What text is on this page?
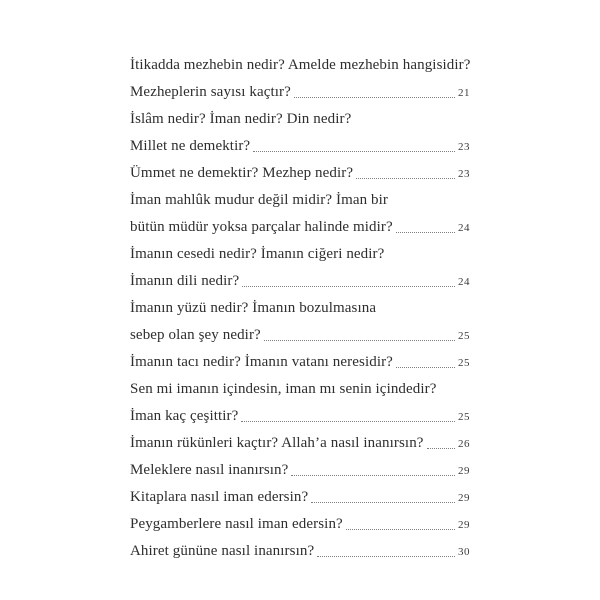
İtikadda mezhebin nedir? Amelde mezhebin hangisidir?
Mezheplerin sayısı kaçtır?	21
İslâm nedir? İman nedir? Din nedir?
Millet ne demektir?	23
Ümmet ne demektir? Mezhep nedir?	23
İman mahlûk mudur değil midir? İman bir
bütün müdür yoksa parçalar halinde midir?	24
İmanın cesedi nedir? İmanın ciğeri nedir?
İmanın dili nedir?	24
İmanın yüzü nedir? İmanın bozulmasına
sebep olan şey nedir?	25
İmanın tacı nedir? İmanın vatanı neresidir?	25
Sen mi imanın içindesin, iman mı senin içindedir?
İman kaç çeşittir?	25
İmanın rükünleri kaçtır? Allah’a nasıl inanırsın?	26
Meleklere nasıl inanırsın?	29
Kitaplara nasıl iman edersin?	29
Peygamberlere nasıl iman edersin?	29
Ahiret gününe nasıl inanırsın?	30
